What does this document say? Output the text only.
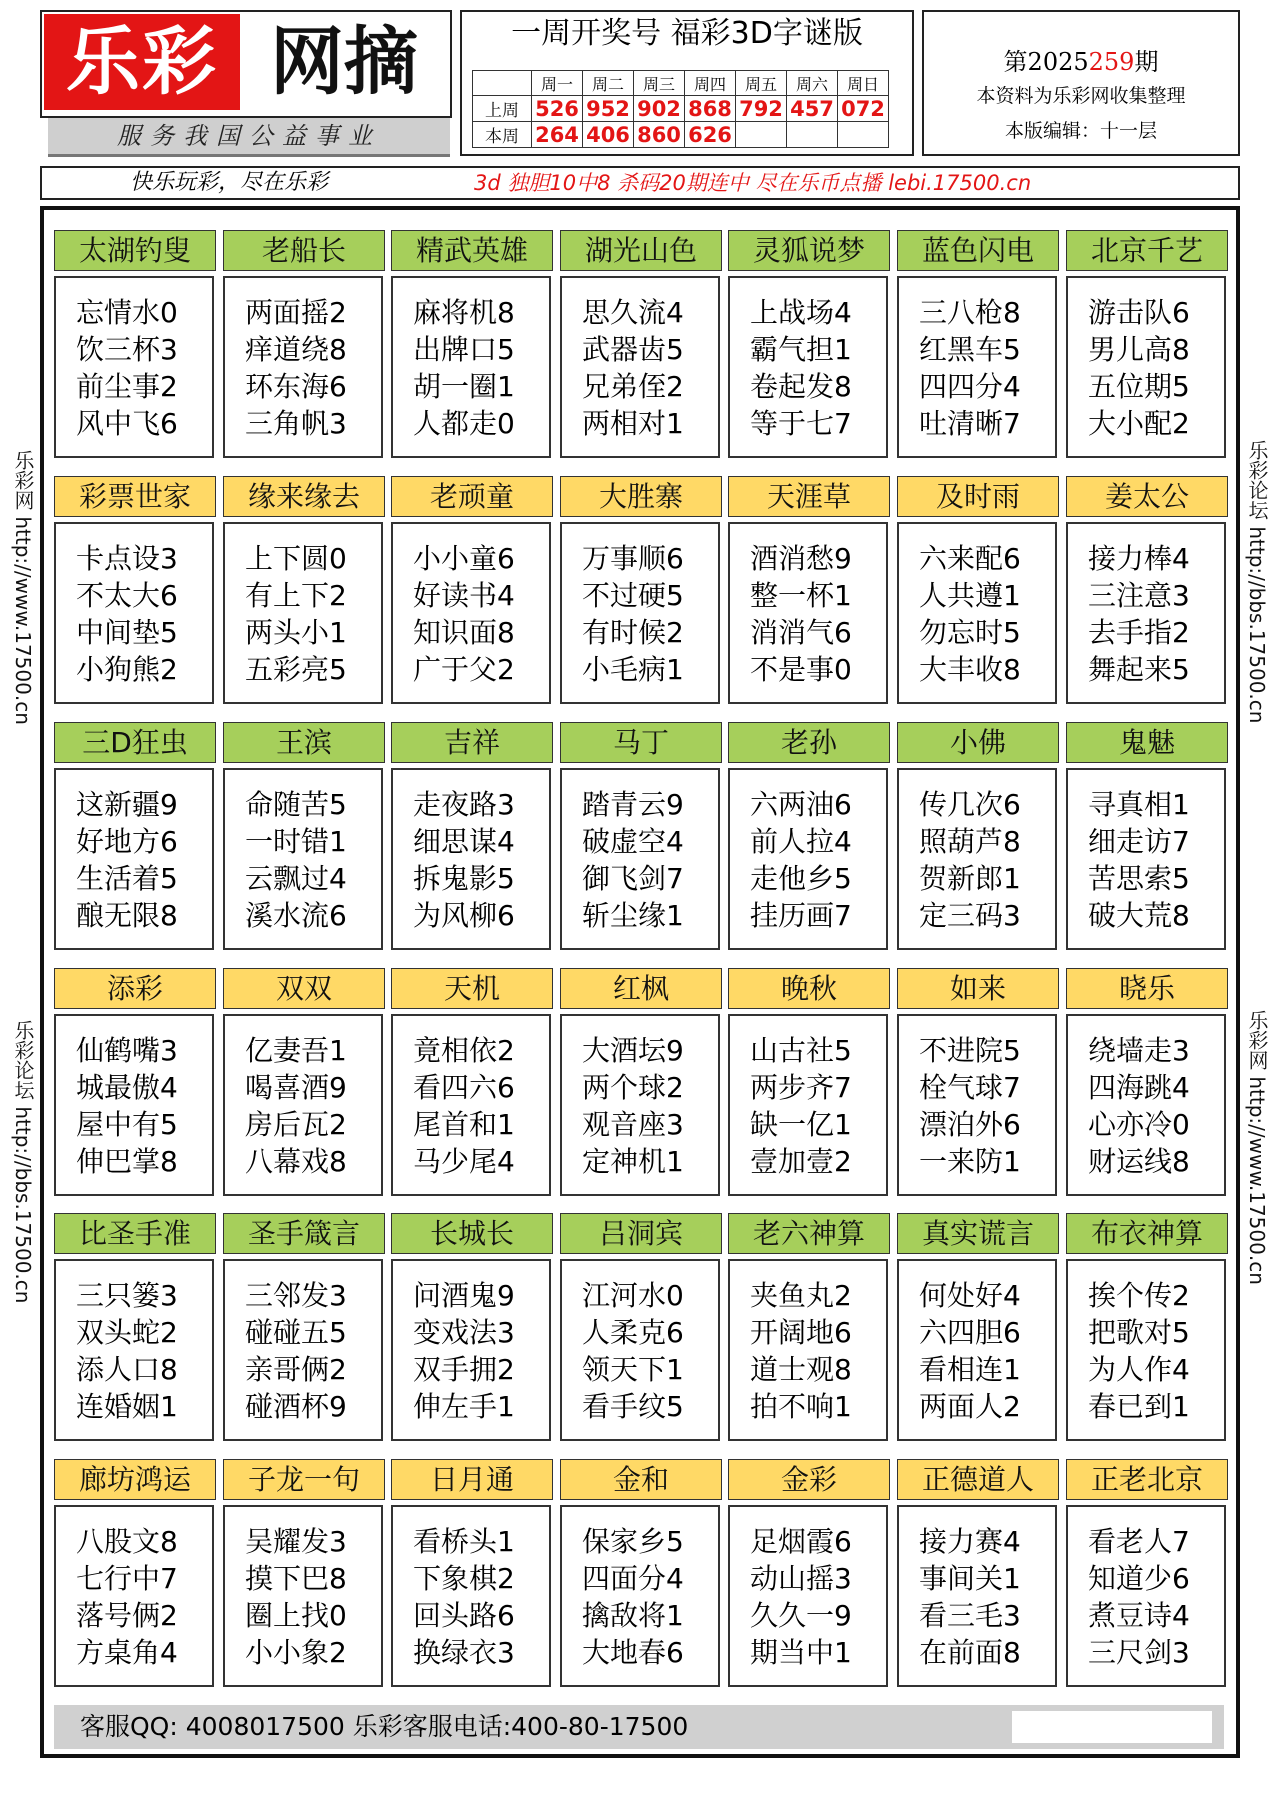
乐彩 网摘
服务我国公益事业
一周开奖号 福彩3D字谜版
	周一	周二	周三	周四	周五	周六	周日
上周	526	952	902	868	792	457	072
本周	264	406	860	626			
第2025259期
本资料为乐彩网收集整理
本版编辑：十一层
快乐玩彩，尽在乐彩	3d 独胆10中8 杀码20期连中 尽在乐币点播 lebi.17500.cn
乐彩网 http://www.17500.cn
乐彩论坛 http://bbs.17500.cn
乐彩论坛 http://bbs.17500.cn
乐彩网 http://www.17500.cn
太湖钓叟
忘情水0
饮三杯3
前尘事2
风中飞6
老船长
两面摇2
痒道绕8
环东海6
三角帆3
精武英雄
麻将机8
出牌口5
胡一圈1
人都走0
湖光山色
思久流4
武器齿5
兄弟侄2
两相对1
灵狐说梦
上战场4
霸气担1
卷起发8
等于七7
蓝色闪电
三八枪8
红黑车5
四四分4
吐清晰7
北京千艺
游击队6
男儿高8
五位期5
大小配2
彩票世家
卡点设3
不太大6
中间垫5
小狗熊2
缘来缘去
上下圆0
有上下2
两头小1
五彩亮5
老顽童
小小童6
好读书4
知识面8
广于父2
大胜寨
万事顺6
不过硬5
有时候2
小毛病1
天涯草
酒消愁9
整一杯1
消消气6
不是事0
及时雨
六来配6
人共遵1
勿忘时5
大丰收8
姜太公
接力棒4
三注意3
去手指2
舞起来5
三D狂虫
这新疆9
好地方6
生活着5
酿无限8
王滨
命随苦5
一时错1
云飘过4
溪水流6
吉祥
走夜路3
细思谋4
拆鬼影5
为风柳6
马丁
踏青云9
破虚空4
御飞剑7
斩尘缘1
老孙
六两油6
前人拉4
走他乡5
挂历画7
小佛
传几次6
照葫芦8
贺新郎1
定三码3
鬼魅
寻真相1
细走访7
苦思索5
破大荒8
添彩
仙鹤嘴3
城最傲4
屋中有5
伸巴掌8
双双
亿妻吾1
喝喜酒9
房后瓦2
八幕戏8
天机
竟相依2
看四六6
尾首和1
马少尾4
红枫
大酒坛9
两个球2
观音座3
定神机1
晚秋
山古社5
两步齐7
缺一亿1
壹加壹2
如来
不进院5
栓气球7
漂泊外6
一来防1
晓乐
绕墙走3
四海跳4
心亦冷0
财运线8
比圣手准
三只篓3
双头蛇2
添人口8
连婚姻1
圣手箴言
三邻发3
碰碰五5
亲哥俩2
碰酒杯9
长城长
问酒鬼9
变戏法3
双手拥2
伸左手1
吕洞宾
江河水0
人柔克6
领天下1
看手纹5
老六神算
夹鱼丸2
开阔地6
道士观8
拍不响1
真实谎言
何处好4
六四胆6
看相连1
两面人2
布衣神算
挨个传2
把歌对5
为人作4
春已到1
廊坊鸿运
八股文8
七行中7
落号俩2
方桌角4
子龙一句
吴耀发3
摸下巴8
圈上找0
小小象2
日月通
看桥头1
下象棋2
回头路6
换绿衣3
金和
保家乡5
四面分4
擒敌将1
大地春6
金彩
足烟霞6
动山摇3
久久一9
期当中1
正德道人
接力赛4
事间关1
看三毛3
在前面8
正老北京
看老人7
知道少6
煮豆诗4
三尺剑3
客服QQ: 4008017500 乐彩客服电话:400-80-17500
